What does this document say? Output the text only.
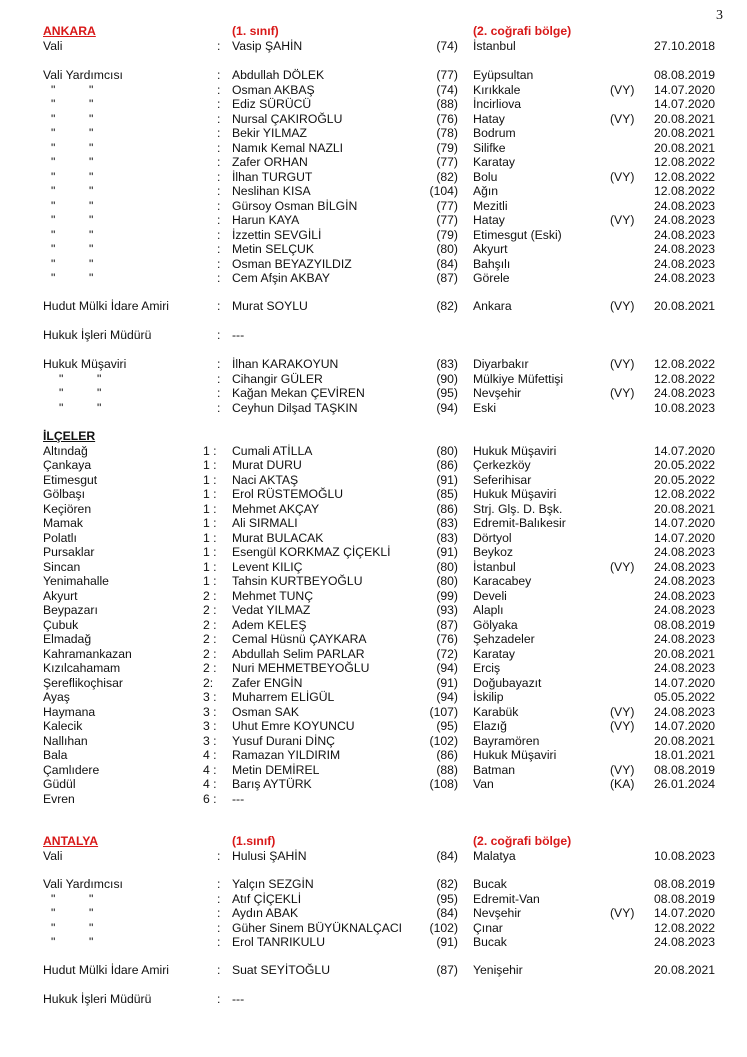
3
ANKARA	(1. sınıf)	(2. coğrafi bölge)
Vali	: Vasip ŞAHİN	(74) İstanbul	27.10.2018
Vali Yardımcısı	: Abdullah DÖLEK	(77) Eyüpsultan	08.08.2019
"	"	: Osman AKBAŞ	(74) Kırıkkale	(VY) 14.07.2020
"	"	: Ediz SÜRÜCÜ	(88) İncirliova	14.07.2020
"	"	: Nursal ÇAKIROĞLU	(76) Hatay	(VY) 20.08.2021
"	"	: Bekir YILMAZ	(78) Bodrum	20.08.2021
"	"	: Namık Kemal NAZLI	(79) Silifke	20.08.2021
"	"	: Zafer ORHAN	(77) Karatay	12.08.2022
"	"	: İlhan TURGUT	(82) Bolu	(VY) 12.08.2022
"	"	: Neslihan KISA	(104) Ağın	12.08.2022
"	"	: Gürsoy Osman BİLGİN	(77) Mezitli	24.08.2023
"	"	: Harun KAYA	(77) Hatay	(VY) 24.08.2023
"	"	: İzzettin SEVGİLİ	(79) Etimesgut (Eski)	24.08.2023
"	"	: Metin SELÇUK	(80) Akyurt	24.08.2023
"	"	: Osman BEYAZYILDIZ	(84) Bahşılı	24.08.2023
"	"	: Cem Afşin AKBAY	(87) Görele	24.08.2023
Hudut Mülki İdare Amiri	: Murat SOYLU	(82) Ankara	(VY) 20.08.2021
Hukuk İşleri Müdürü	: ---
Hukuk Müşaviri	: İlhan KARAKOYUN	(83) Diyarbakır	(VY) 12.08.2022
"	"	: Cihangir GÜLER	(90) Mülkiye Müfettişi	12.08.2022
"	"	: Kağan Mekan ÇEVİREN	(95) Nevşehir	(VY) 24.08.2023
"	"	: Ceyhun Dilşad TAŞKIN	(94) Eski	10.08.2023
İLÇELER
Altındağ	1 : Cumali ATİLLA	(80) Hukuk Müşaviri	14.07.2020
Çankaya	1 : Murat DURU	(86) Çerkezköy	20.05.2022
Etimesgut	1 : Naci AKTAŞ	(91) Seferihisar	20.05.2022
Gölbaşı	1 : Erol RÜSTEMOĞLU	(85) Hukuk Müşaviri	12.08.2022
Keçiören	1 : Mehmet AKÇAY	(86) Strj. Glş. D. Bşk.	20.08.2021
Mamak	1 : Ali SIRMALI	(83) Edremit-Balıkesir	14.07.2020
Polatlı	1 : Murat BULACAK	(83) Dörtyol	14.07.2020
Pursaklar	1 : Esengül KORKMAZ ÇİÇEKLİ	(91) Beykoz	24.08.2023
Sincan	1 : Levent KILIÇ	(80) İstanbul	(VY) 24.08.2023
Yenimahalle	1 : Tahsin KURTBEYOĞLU	(80) Karacabey	24.08.2023
Akyurt	2 : Mehmet TUNÇ	(99) Develi	24.08.2023
Beypazarı	2 : Vedat YILMAZ	(93) Alaplı	24.08.2023
Çubuk	2 : Adem KELEŞ	(87) Gölyaka	08.08.2019
Elmadağ	2 : Cemal Hüsnü ÇAYKARA	(76) Şehzadeler	24.08.2023
Kahramankazan	2 : Abdullah Selim PARLAR	(72) Karatay	20.08.2021
Kızılcahamam	2 : Nuri MEHMETBEYOĞLU	(94) Erciş	24.08.2023
Şereflikoçhisar	2: Zafer ENGİN	(91) Doğubayazıt	14.07.2020
Ayaş	3 : Muharrem ELİGÜL	(94) İskilip	05.05.2022
Haymana	3 : Osman SAK	(107) Karabük	(VY) 24.08.2023
Kalecik	3 : Uhut Emre KOYUNCU	(95) Elazığ	(VY) 14.07.2020
Nallıhan	3 : Yusuf Durani DİNÇ	(102) Bayramören	20.08.2021
Bala	4 : Ramazan YILDIRIM	(86) Hukuk Müşaviri	18.01.2021
Çamlıdere	4 : Metin DEMİREL	(88) Batman	(VY) 08.08.2019
Güdül	4 : Barış AYTÜRK	(108) Van	(KA) 26.01.2024
Evren	6 : ---
ANTALYA	(1.sınıf)	(2. coğrafi bölge)
Vali	: Hulusi ŞAHİN	(84) Malatya	10.08.2023
Vali Yardımcısı	: Yalçın SEZGİN	(82) Bucak	08.08.2019
"	"	: Atıf ÇİÇEKLİ	(95) Edremit-Van	08.08.2019
"	"	: Aydın ABAK	(84) Nevşehir	(VY) 14.07.2020
"	"	: Güher Sinem BÜYÜKNALÇACI	(102) Çınar	12.08.2022
"	"	: Erol TANRIKULU	(91) Bucak	24.08.2023
Hudut Mülki İdare Amiri	: Suat SEYİTOĞLU	(87) Yenişehir	20.08.2021
Hukuk İşleri Müdürü	: ---
